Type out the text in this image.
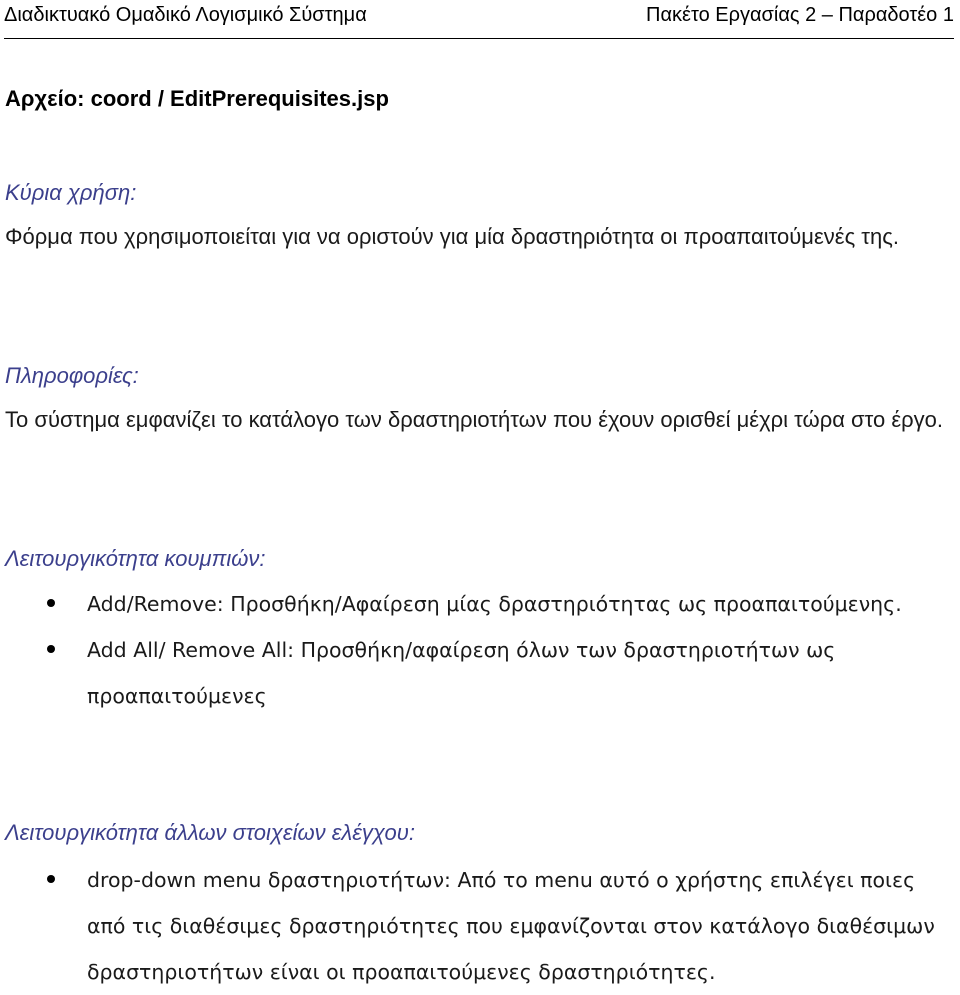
Διαδικτυακό Ομαδικό Λογισμικό Σύστημα	Πακέτο Εργασίας 2 – Παραδοτέο 1
Αρχείο: coord / EditPrerequisites.jsp
Κύρια χρήση:
Φόρμα που χρησιμοποιείται για να οριστούν για μία δραστηριότητα οι προαπαιτούμενές της.
Πληροφορίες:
Το σύστημα εμφανίζει το κατάλογο των δραστηριοτήτων που έχουν ορισθεί μέχρι τώρα στο έργο.
Λειτουργικότητα κουμπιών:
Add/Remove: Προσθήκη/Αφαίρεση μίας δραστηριότητας ως προαπαιτούμενης.
Add All/ Remove All: Προσθήκη/αφαίρεση όλων των δραστηριοτήτων ως προαπαιτούμενες
Λειτουργικότητα άλλων στοιχείων ελέγχου:
drop-down menu δραστηριοτήτων: Από το menu αυτό ο χρήστης επιλέγει ποιες από τις διαθέσιμες δραστηριότητες που εμφανίζονται στον κατάλογο διαθέσιμων δραστηριοτήτων είναι οι προαπαιτούμενες δραστηριότητες.
